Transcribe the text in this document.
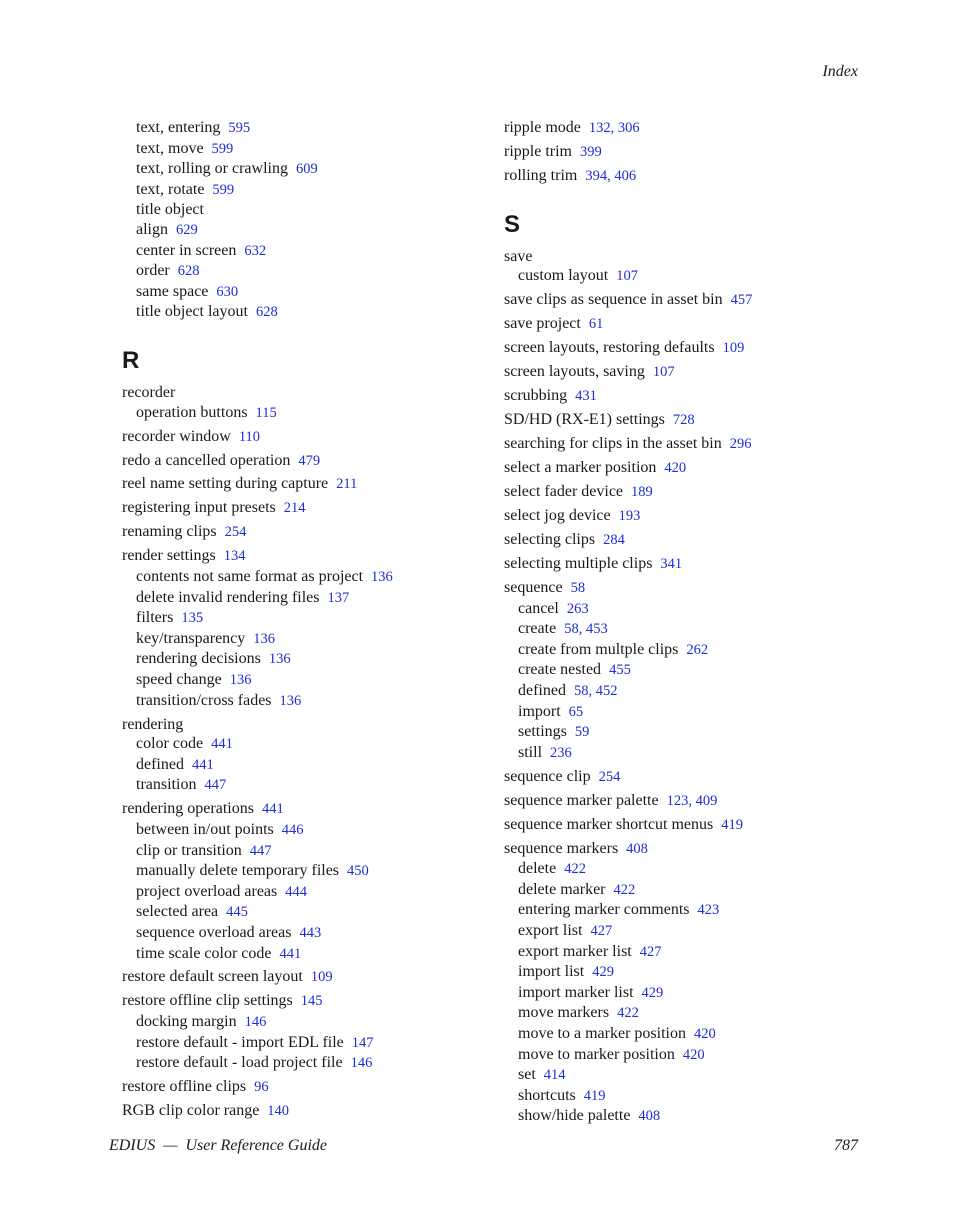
Index
text, entering 595
text, move 599
text, rolling or crawling 609
text, rotate 599
title object
align 629
center in screen 632
order 628
same space 630
title object layout 628
R
recorder
operation buttons 115
recorder window 110
redo a cancelled operation 479
reel name setting during capture 211
registering input presets 214
renaming clips 254
render settings 134
contents not same format as project 136
delete invalid rendering files 137
filters 135
key/transparency 136
rendering decisions 136
speed change 136
transition/cross fades 136
rendering
color code 441
defined 441
transition 447
rendering operations 441
between in/out points 446
clip or transition 447
manually delete temporary files 450
project overload areas 444
selected area 445
sequence overload areas 443
time scale color code 441
restore default screen layout 109
restore offline clip settings 145
docking margin 146
restore default - import EDL file 147
restore default - load project file 146
restore offline clips 96
RGB clip color range 140
ripple mode 132, 306
ripple trim 399
rolling trim 394, 406
S
save
custom layout 107
save clips as sequence in asset bin 457
save project 61
screen layouts, restoring defaults 109
screen layouts, saving 107
scrubbing 431
SD/HD (RX-E1) settings 728
searching for clips in the asset bin 296
select a marker position 420
select fader device 189
select jog device 193
selecting clips 284
selecting multiple clips 341
sequence 58
cancel 263
create 58, 453
create from multple clips 262
create nested 455
defined 58, 452
import 65
settings 59
still 236
sequence clip 254
sequence marker palette 123, 409
sequence marker shortcut menus 419
sequence markers 408
delete 422
delete marker 422
entering marker comments 423
export list 427
export marker list 427
import list 429
import marker list 429
move markers 422
move to a marker position 420
move to marker position 420
set 414
shortcuts 419
show/hide palette 408
EDIUS  —  User Reference Guide	787
